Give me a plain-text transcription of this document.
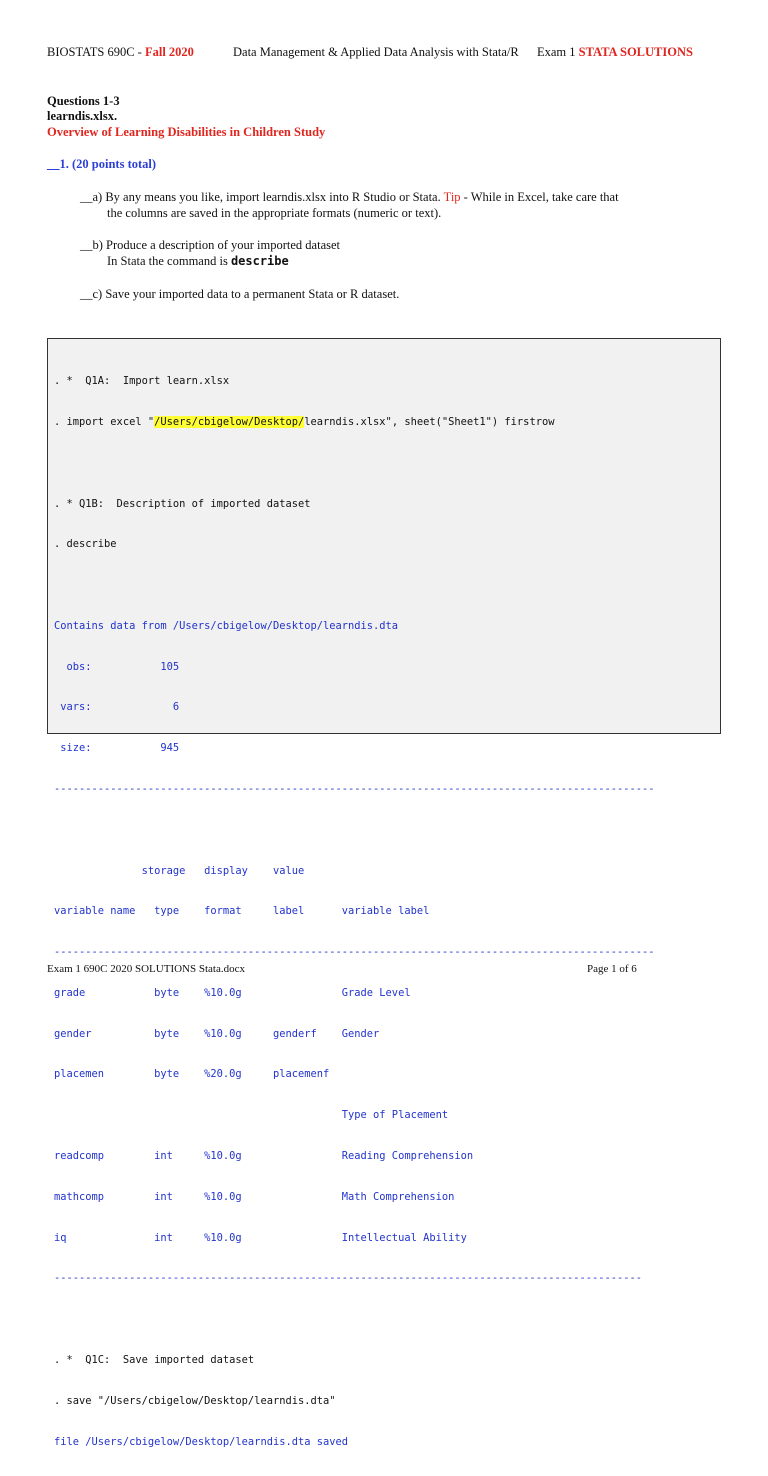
BIOSTATS 690C - Fall 2020	Data Management & Applied Data Analysis with Stata/R Exam 1 STATA SOLUTIONS
Questions 1-3
learndis.xlsx.
Overview of Learning Disabilities in Children Study
__1. (20 points total)
__a) By any means you like, import learndis.xlsx into R Studio or Stata. Tip - While in Excel, take care that
the columns are saved in the appropriate formats (numeric or text).
__b) Produce a description of your imported dataset
In Stata the command is describe
__c) Save your imported data to a permanent Stata or R dataset.

. *  Q1A:  Import learn.xlsx

. import excel "/Users/cbigelow/Desktop/learndis.xlsx", sheet("Sheet1") firstrow

. * Q1B:  Description of imported dataset

. describe

Contains data from /Users/cbigelow/Desktop/learndis.dta

obs:           105

vars:             6

size:           945

------------------------------------------------------------------------------------------------

storage   display    value

variable name   type    format     label      variable label

------------------------------------------------------------------------------------------------

grade           byte    %10.0g                Grade Level

gender          byte    %10.0g     genderf    Gender

placemen        byte    %20.0g     placemenf

Type of Placement

readcomp        int     %10.0g                Reading Comprehension

mathcomp        int     %10.0g                Math Comprehension

iq              int     %10.0g                Intellectual Ability

----------------------------------------------------------------------------------------------

. *  Q1C:  Save imported dataset

. save "/Users/cbigelow/Desktop/learndis.dta"

file /Users/cbigelow/Desktop/learndis.dta saved

Exam 1 690C 2020 SOLUTIONS Stata.docx	Page 1 of 6
